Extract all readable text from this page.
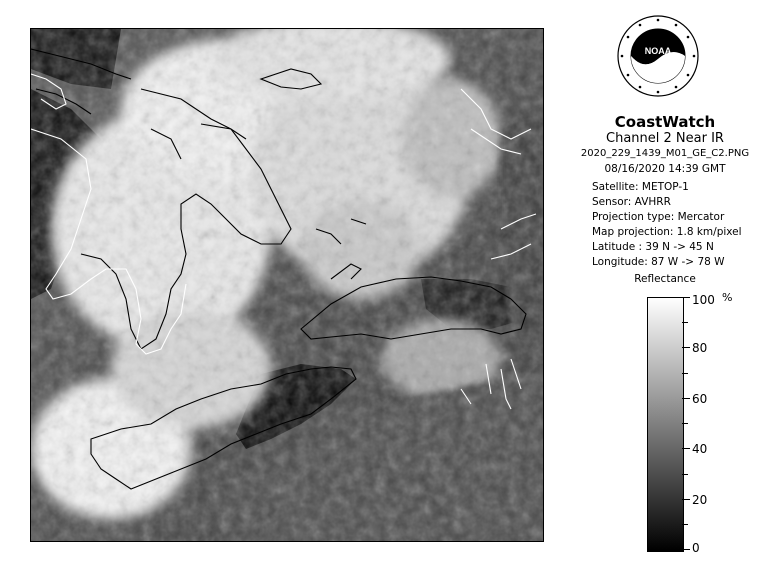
NOAA
CoastWatch
Channel 2 Near IR
2020_229_1439_M01_GE_C2.PNG
08/16/2020 14:39 GMT
Satellite: METOP-1
Sensor: AVHRR
Projection type: Mercator
Map projection: 1.8 km/pixel
Latitude : 39 N -> 45 N
Longitude: 87 W -> 78 W
Reflectance
%
100
80
60
40
20
0
